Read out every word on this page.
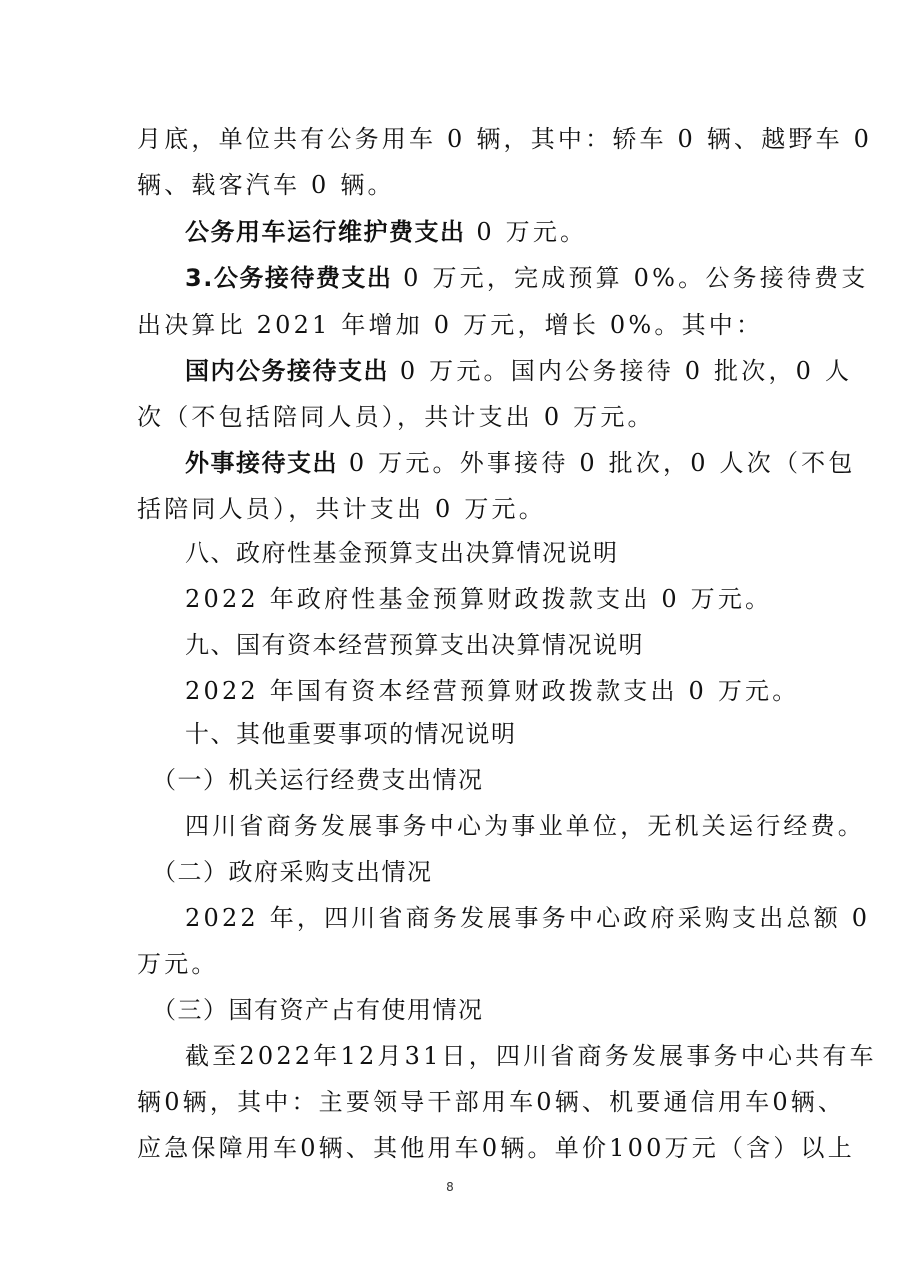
月底，单位共有公务用车 0 辆，其中：轿车 0 辆、越野车 0
辆、载客汽车 0 辆。
公务用车运行维护费支出 0 万元。
3.公务接待费支出 0 万元，完成预算 0%。公务接待费支
出决算比 2021 年增加 0 万元，增长 0%。其中：
国内公务接待支出 0 万元。国内公务接待 0 批次，0 人
次（不包括陪同人员），共计支出 0 万元。
外事接待支出 0 万元。外事接待 0 批次，0 人次（不包
括陪同人员），共计支出 0 万元。
八、政府性基金预算支出决算情况说明
2022 年政府性基金预算财政拨款支出 0 万元。
九、国有资本经营预算支出决算情况说明
2022 年国有资本经营预算财政拨款支出 0 万元。
十、其他重要事项的情况说明
（一）机关运行经费支出情况
四川省商务发展事务中心为事业单位，无机关运行经费。
（二）政府采购支出情况
2022 年，四川省商务发展事务中心政府采购支出总额 0
万元。
（三）国有资产占有使用情况
截至2022年12月31日，四川省商务发展事务中心共有车
辆0辆，其中：主要领导干部用车0辆、机要通信用车0辆、
应急保障用车0辆、其他用车0辆。单价100万元（含）以上
8
